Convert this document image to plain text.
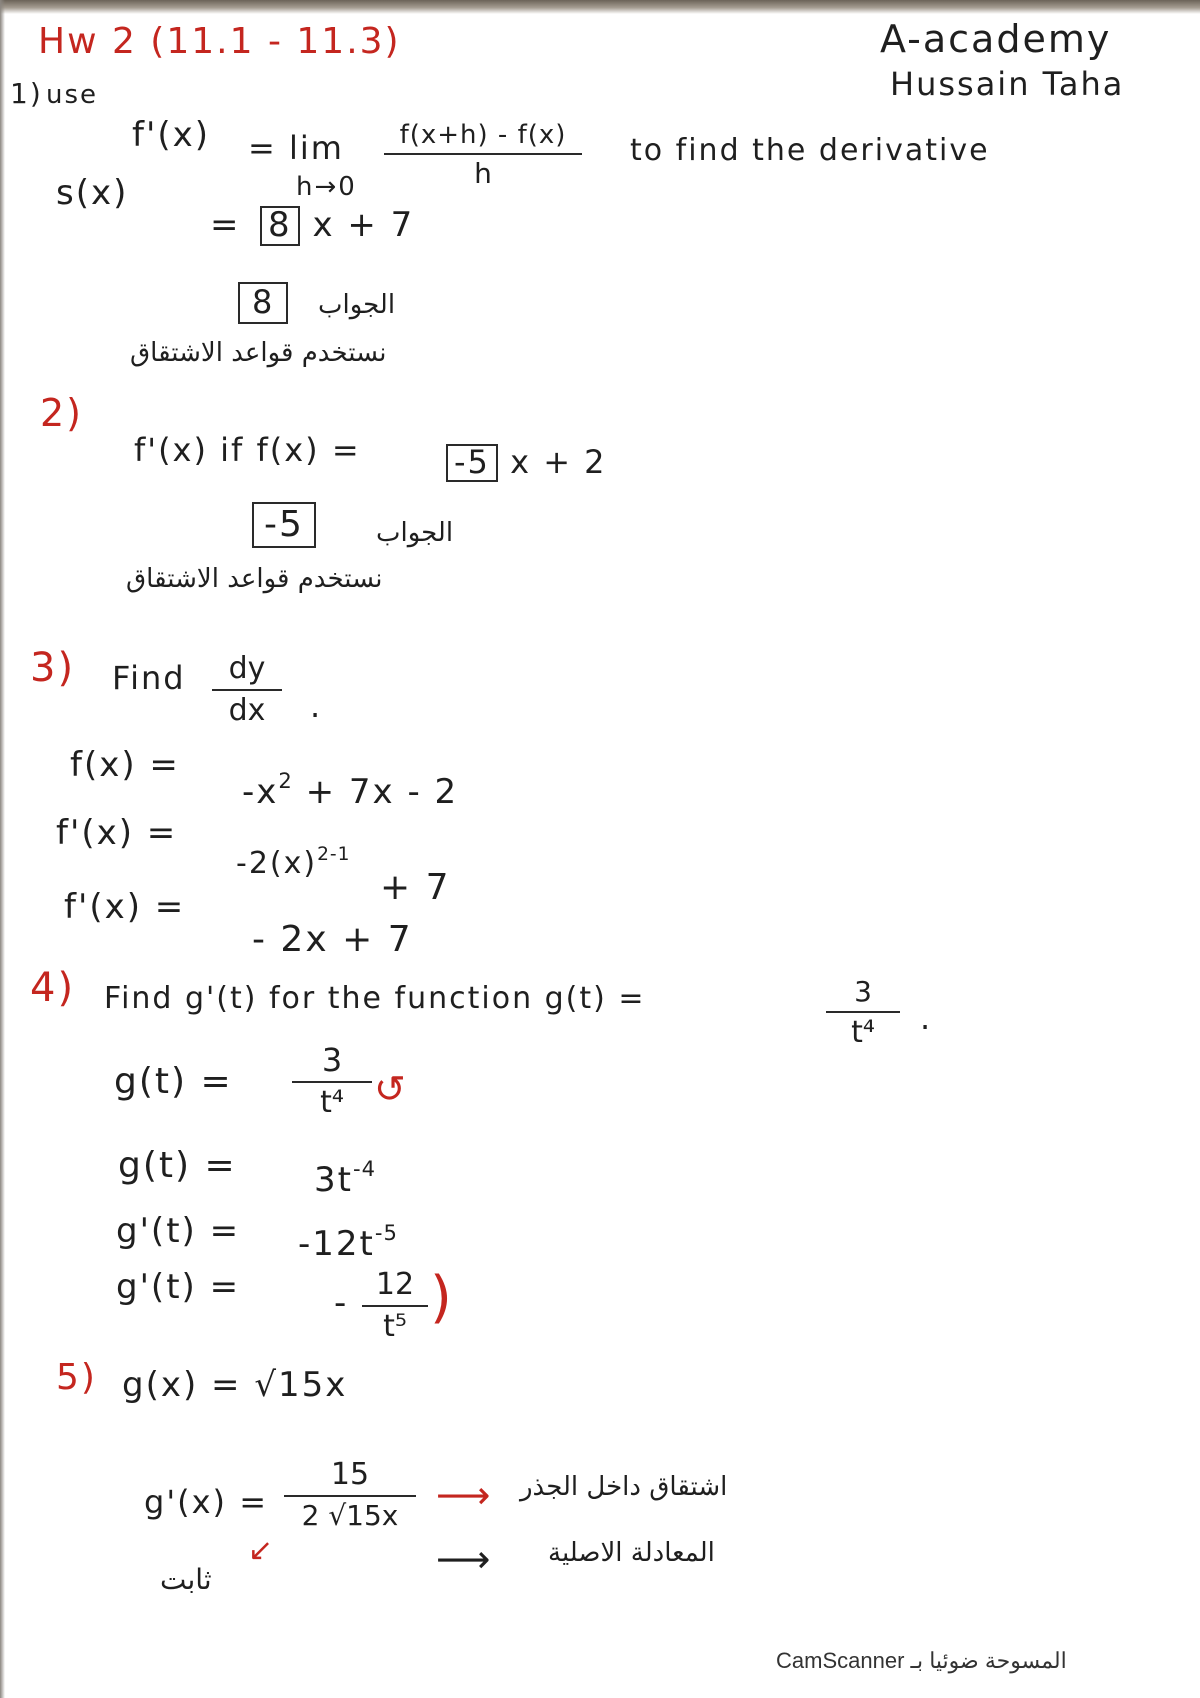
Hw 2 (11.1 - 11.3)	A-academy
Hussain Taha
1) use
f'(x) = lim
h→0
f(x+h) - f(x)
h
to find the derivative
s(x)
= 8 x + 7
8	الجواب
نستخدم قواعد الاشتقاق
2)
f'(x) if f(x) =	-5 x + 2
-5	الجواب
نستخدم قواعد الاشتقاق
3) Find	dy
dx	.
f(x) =
$-x^2 + 7x - 2$
f'(x) =
$-2(x)^{2-1}$
+ 7
f'(x) =
- 2x + 7
4) Find g'(t) for the function g(t) =	3
t⁴	.
g(t) =
3
t⁴ ↺
$g(t) = 3t^{-4}$
$g'(t) = -12t^{-5}$
g'(t) =	- 12
t⁵ )
5) g(x) = √15x
g'(x) =
15
2 √15x ⟶ اشتقاق داخل الجذر
⟶ المعادلة الاصلية
↙
ثابت
CamScanner المسوحة ضوئيا بـ
